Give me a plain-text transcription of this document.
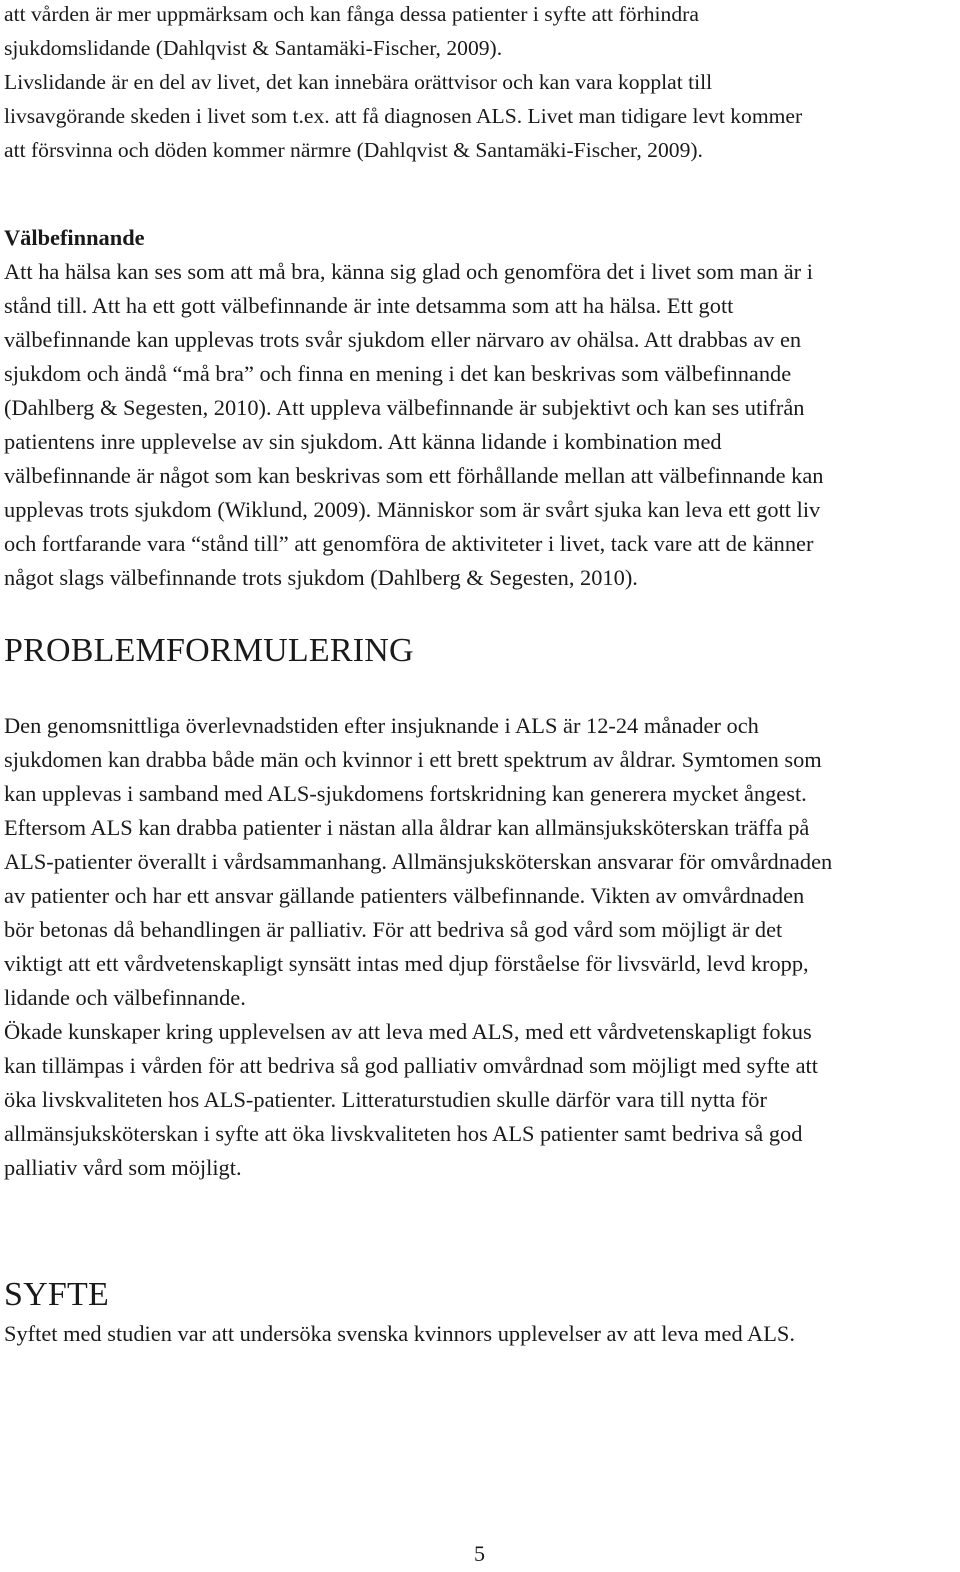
att vården är mer uppmärksam och kan fånga dessa patienter i syfte att förhindra
sjukdomslidande (Dahlqvist & Santamäki-Fischer, 2009).
Livslidande är en del av livet, det kan innebära orättvisor och kan vara kopplat till
livsavgörande skeden i livet som t.ex. att få diagnosen ALS. Livet man tidigare levt kommer
att försvinna och döden kommer närmre (Dahlqvist & Santamäki-Fischer, 2009).
Välbefinnande
Att ha hälsa kan ses som att må bra, känna sig glad och genomföra det i livet som man är i
stånd till. Att ha ett gott välbefinnande är inte detsamma som att ha hälsa. Ett gott
välbefinnande kan upplevas trots svår sjukdom eller närvaro av ohälsa. Att drabbas av en
sjukdom och ändå “må bra” och finna en mening i det kan beskrivas som välbefinnande
(Dahlberg & Segesten, 2010). Att uppleva välbefinnande är subjektivt och kan ses utifrån
patientens inre upplevelse av sin sjukdom. Att känna lidande i kombination med
välbefinnande är något som kan beskrivas som ett förhållande mellan att välbefinnande kan
upplevas trots sjukdom (Wiklund, 2009). Människor som är svårt sjuka kan leva ett gott liv
och fortfarande vara “stånd till” att genomföra de aktiviteter i livet, tack vare att de känner
något slags välbefinnande trots sjukdom (Dahlberg & Segesten, 2010).
PROBLEMFORMULERING
Den genomsnittliga överlevnadstiden efter insjuknande i ALS är 12-24 månader och
sjukdomen kan drabba både män och kvinnor i ett brett spektrum av åldrar. Symtomen som
kan upplevas i samband med ALS-sjukdomens fortskridning kan generera mycket ångest.
Eftersom ALS kan drabba patienter i nästan alla åldrar kan allmänsjuksköterskan träffa på
ALS-patienter överallt i vårdsammanhang. Allmänsjuksköterskan ansvarar för omvårdnaden
av patienter och har ett ansvar gällande patienters välbefinnande. Vikten av omvårdnaden
bör betonas då behandlingen är palliativ. För att bedriva så god vård som möjligt är det
viktigt att ett vårdvetenskapligt synsätt intas med djup förståelse för livsvärld, levd kropp,
lidande och välbefinnande.
Ökade kunskaper kring upplevelsen av att leva med ALS, med ett vårdvetenskapligt fokus
kan tillämpas i vården för att bedriva så god palliativ omvårdnad som möjligt med syfte att
öka livskvaliteten hos ALS-patienter. Litteraturstudien skulle därför vara till nytta för
allmänsjuksköterskan i syfte att öka livskvaliteten hos ALS patienter samt bedriva så god
palliativ vård som möjligt.
SYFTE
Syftet med studien var att undersöka svenska kvinnors upplevelser av att leva med ALS.
5
